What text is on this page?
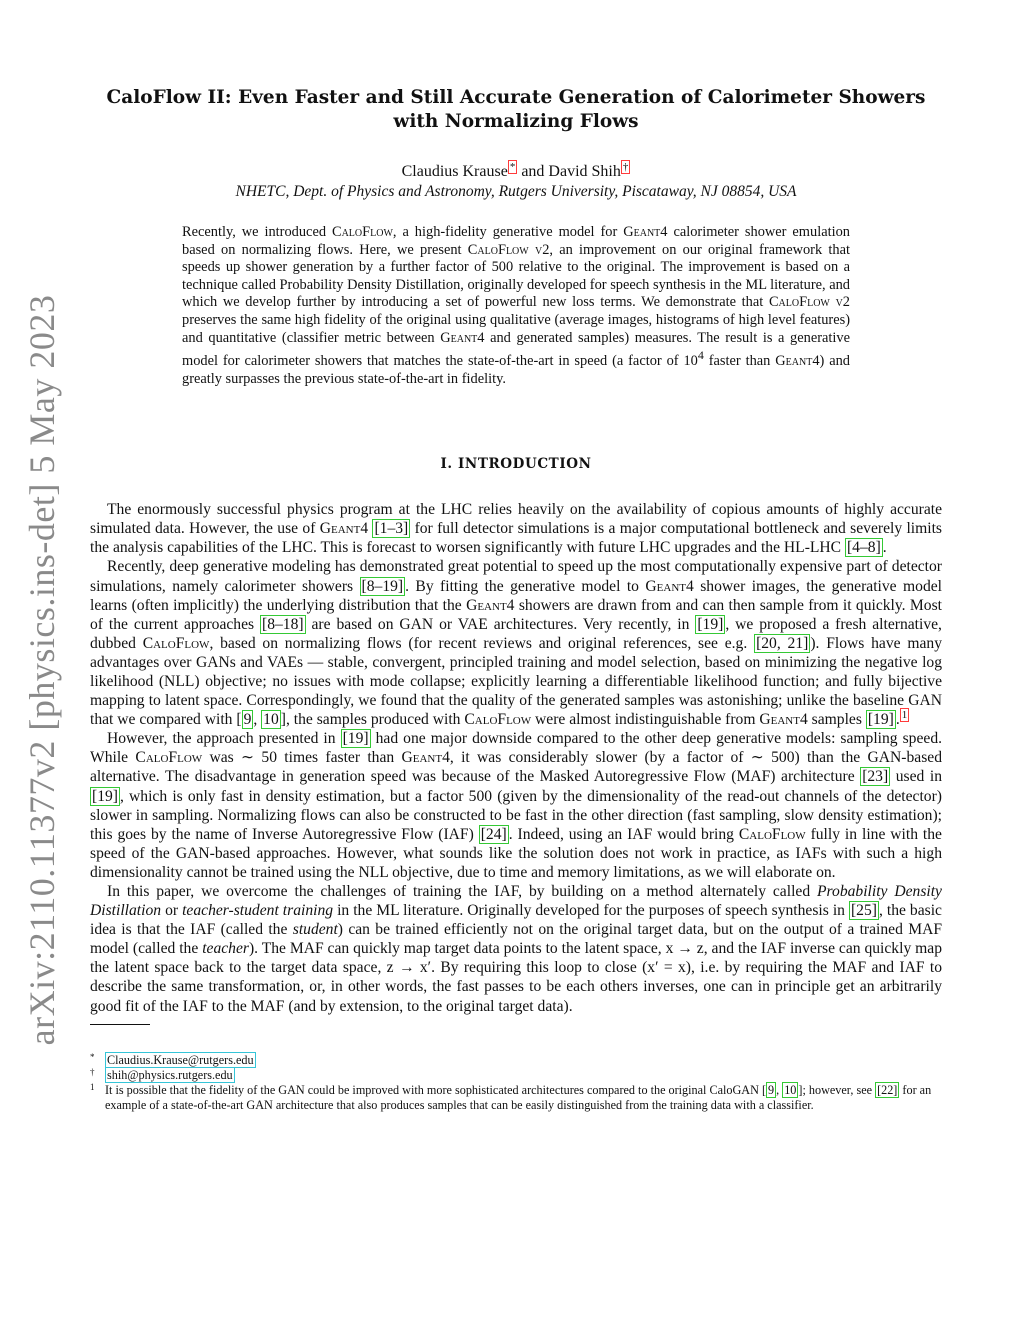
arXiv:2110.11377v2 [physics.ins-det] 5 May 2023
CaloFlow II: Even Faster and Still Accurate Generation of Calorimeter Showers with Normalizing Flows
Claudius Krause * and David Shih †
NHETC, Dept. of Physics and Astronomy, Rutgers University, Piscataway, NJ 08854, USA
Recently, we introduced CaloFlow, a high-fidelity generative model for Geant4 calorimeter shower emulation based on normalizing flows. Here, we present CaloFlow v2, an improvement on our original framework that speeds up shower generation by a further factor of 500 relative to the original. The improvement is based on a technique called Probability Density Distillation, originally developed for speech synthesis in the ML literature, and which we develop further by introducing a set of powerful new loss terms. We demonstrate that CaloFlow v2 preserves the same high fidelity of the original using qualitative (average images, histograms of high level features) and quantitative (classifier metric between Geant4 and generated samples) measures. The result is a generative model for calorimeter showers that matches the state-of-the-art in speed (a factor of $10^4$ faster than Geant4) and greatly surpasses the previous state-of-the-art in fidelity.
I. INTRODUCTION

The enormously successful physics program at the LHC relies heavily on the availability of copious amounts of highly accurate simulated data. However, the use of Geant4 [1–3] for full detector simulations is a major computational bottleneck and severely limits the analysis capabilities of the LHC. This is forecast to worsen significantly with future LHC upgrades and the HL-LHC [4–8] .

Recently, deep generative modeling has demonstrated great potential to speed up the most computationally expensive part of detector simulations, namely calorimeter showers [8–19] . By fitting the generative model to Geant4 shower images, the generative model learns (often implicitly) the underlying distribution that the Geant4 showers are drawn from and can then sample from it quickly. Most of the current approaches [8–18] are based on GAN or VAE architectures. Very recently, in [19] , we proposed a fresh alternative, dubbed CaloFlow, based on normalizing flows (for recent reviews and original references, see e.g. [20, 21] ). Flows have many advantages over GANs and VAEs — stable, convergent, principled training and model selection, based on minimizing the negative log likelihood (NLL) objective; no issues with mode collapse; explicitly learning a differentiable likelihood function; and fully bijective mapping to latent space. Correspondingly, we found that the quality of the generated samples was astonishing; unlike the baseline GAN that we compared with [ 9 , 10 ], the samples produced with CaloFlow were almost indistinguishable from Geant4 samples [19] . $^1$

However, the approach presented in [19] had one major downside compared to the other deep generative models: sampling speed. While CaloFlow was ∼ 50 times faster than Geant4, it was considerably slower (by a factor of ∼ 500) than the GAN-based alternative. The disadvantage in generation speed was because of the Masked Autoregressive Flow (MAF) architecture [23] used in [19] , which is only fast in density estimation, but a factor 500 (given by the dimensionality of the read-out channels of the detector) slower in sampling. Normalizing flows can also be constructed to be fast in the other direction (fast sampling, slow density estimation); this goes by the name of Inverse Autoregressive Flow (IAF) [24] . Indeed, using an IAF would bring CaloFlow fully in line with the speed of the GAN-based approaches. However, what sounds like the solution does not work in practice, as IAFs with such a high dimensionality cannot be trained using the NLL objective, due to time and memory limitations, as we will elaborate on.

In this paper, we overcome the challenges of training the IAF, by building on a method alternately called Probability Density Distillation or teacher-student training in the ML literature. Originally developed for the purposes of speech synthesis in [25] , the basic idea is that the IAF (called the student) can be trained efficiently not on the original target data, but on the output of a trained MAF model (called the teacher). The MAF can quickly map target data points to the latent space, x → z, and the IAF inverse can quickly map the latent space back to the target data space, z → x′. By requiring this loop to close (x′ = x), i.e. by requiring the MAF and IAF to describe the same transformation, or, in other words, the fast passes to be each others inverses, one can in principle get an arbitrarily good fit of the IAF to the MAF (and by extension, to the original target data).

* Claudius.Krause@rutgers.edu
† shih@physics.rutgers.edu
1 It is possible that the fidelity of the GAN could be improved with more sophisticated architectures compared to the original CaloGAN [ 9 , 10 ]; however, see [22] for an example of a state-of-the-art GAN architecture that also produces samples that can be easily distinguished from the training data with a classifier.
